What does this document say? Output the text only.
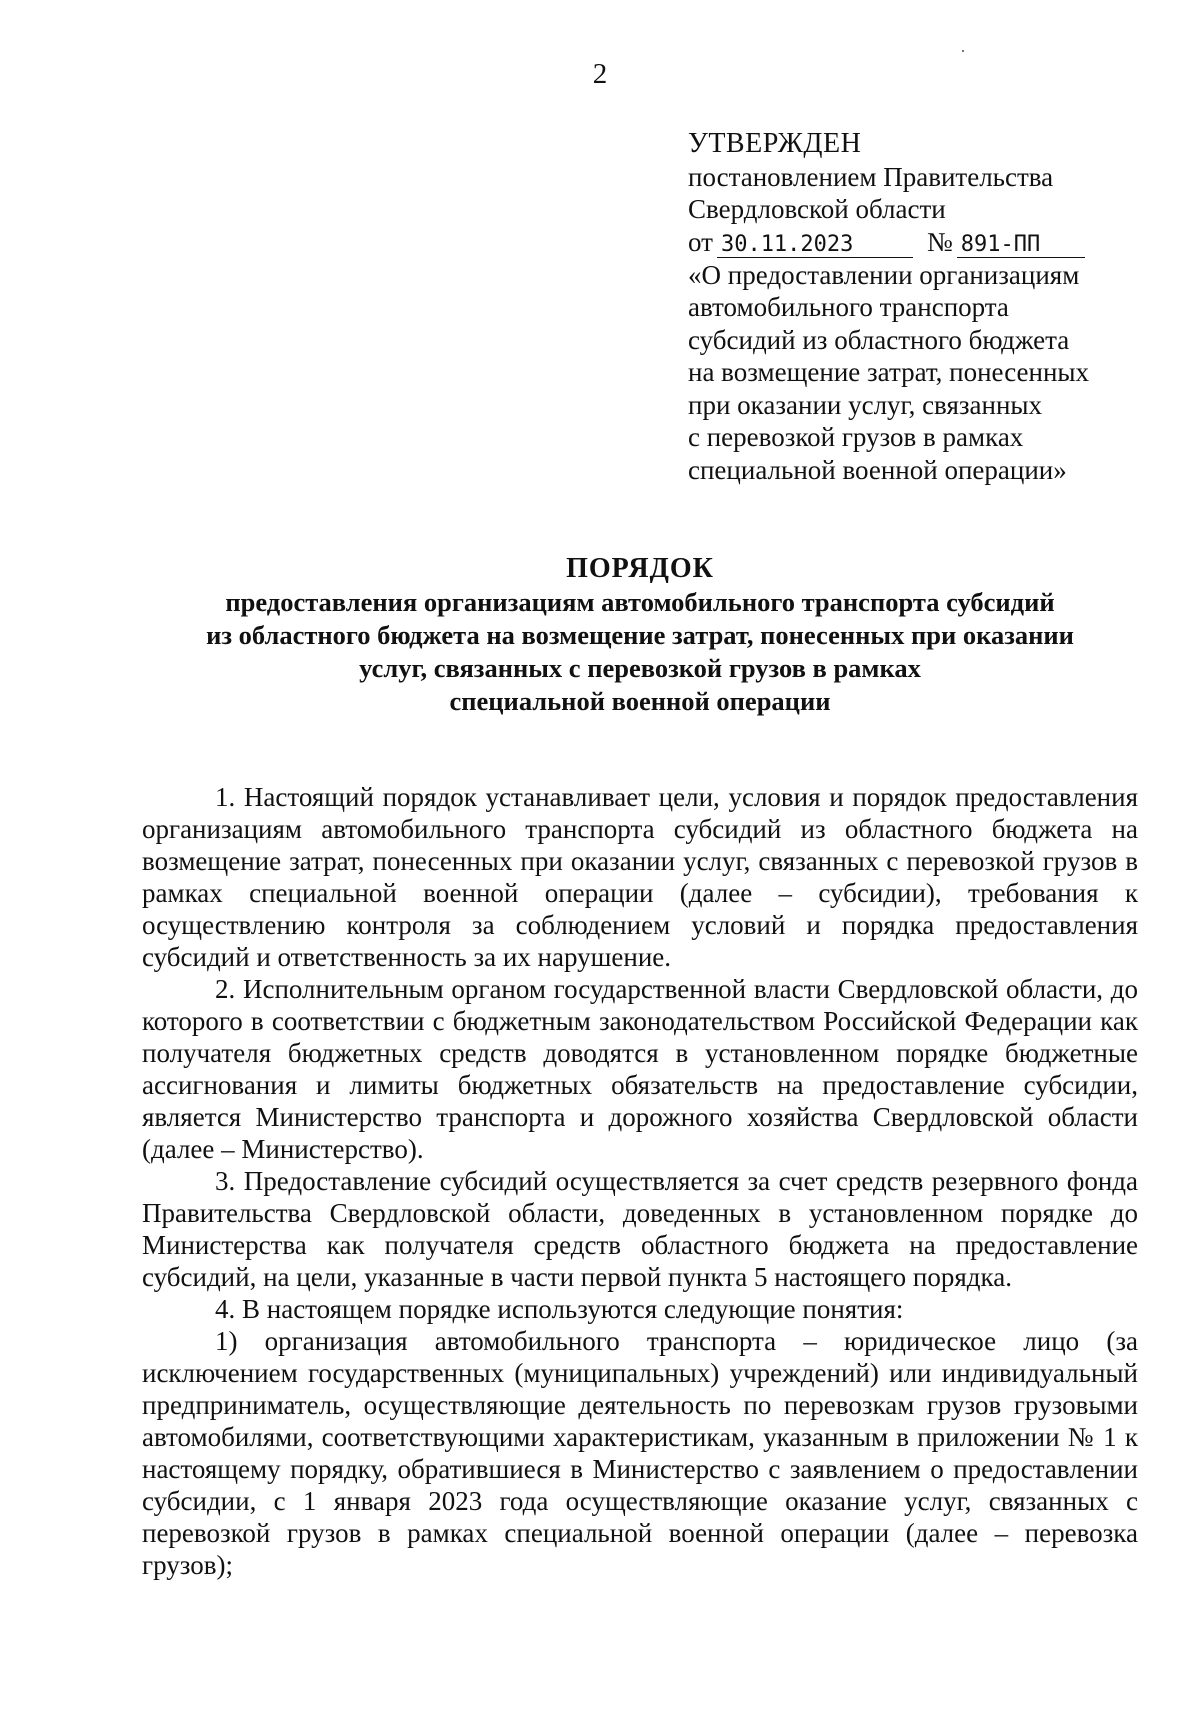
2
УТВЕРЖДЕН
постановлением Правительства
Свердловской области
от 30.11.2023	№ 891-ПП
«О предоставлении организациям
автомобильного транспорта
субсидий из областного бюджета
на возмещение затрат, понесенных
при оказании услуг, связанных
с перевозкой грузов в рамках
специальной военной операции»
ПОРЯДОК
предоставления организациям автомобильного транспорта субсидий
из областного бюджета на возмещение затрат, понесенных при оказании
услуг, связанных с перевозкой грузов в рамках
специальной военной операции

1. Настоящий порядок устанавливает цели, условия и порядок предоставления организациям автомобильного транспорта субсидий из областного бюджета на возмещение затрат, понесенных при оказании услуг, связанных с перевозкой грузов в рамках специальной военной операции (далее – субсидии), требования к осуществлению контроля за соблюдением условий и порядка предоставления субсидий и ответственность за их нарушение.

2. Исполнительным органом государственной власти Свердловской области, до которого в соответствии с бюджетным законодательством Российской Федерации как получателя бюджетных средств доводятся в установленном порядке бюджетные ассигнования и лимиты бюджетных обязательств на предоставление субсидии, является Министерство транспорта и дорожного хозяйства Свердловской области (далее – Министерство).

3. Предоставление субсидий осуществляется за счет средств резервного фонда Правительства Свердловской области, доведенных в установленном порядке до Министерства как получателя средств областного бюджета на предоставление субсидий, на цели, указанные в части первой пункта 5 настоящего порядка.

4. В настоящем порядке используются следующие понятия:

1) организация автомобильного транспорта – юридическое лицо (за исключением государственных (муниципальных) учреждений) или индивидуальный предприниматель, осуществляющие деятельность по перевозкам грузов грузовыми автомобилями, соответствующими характеристикам, указанным в приложении № 1 к настоящему порядку, обратившиеся в Министерство с заявлением о предоставлении субсидии, с 1 января 2023 года осуществляющие оказание услуг, связанных с перевозкой грузов в рамках специальной военной операции (далее – перевозка грузов);
